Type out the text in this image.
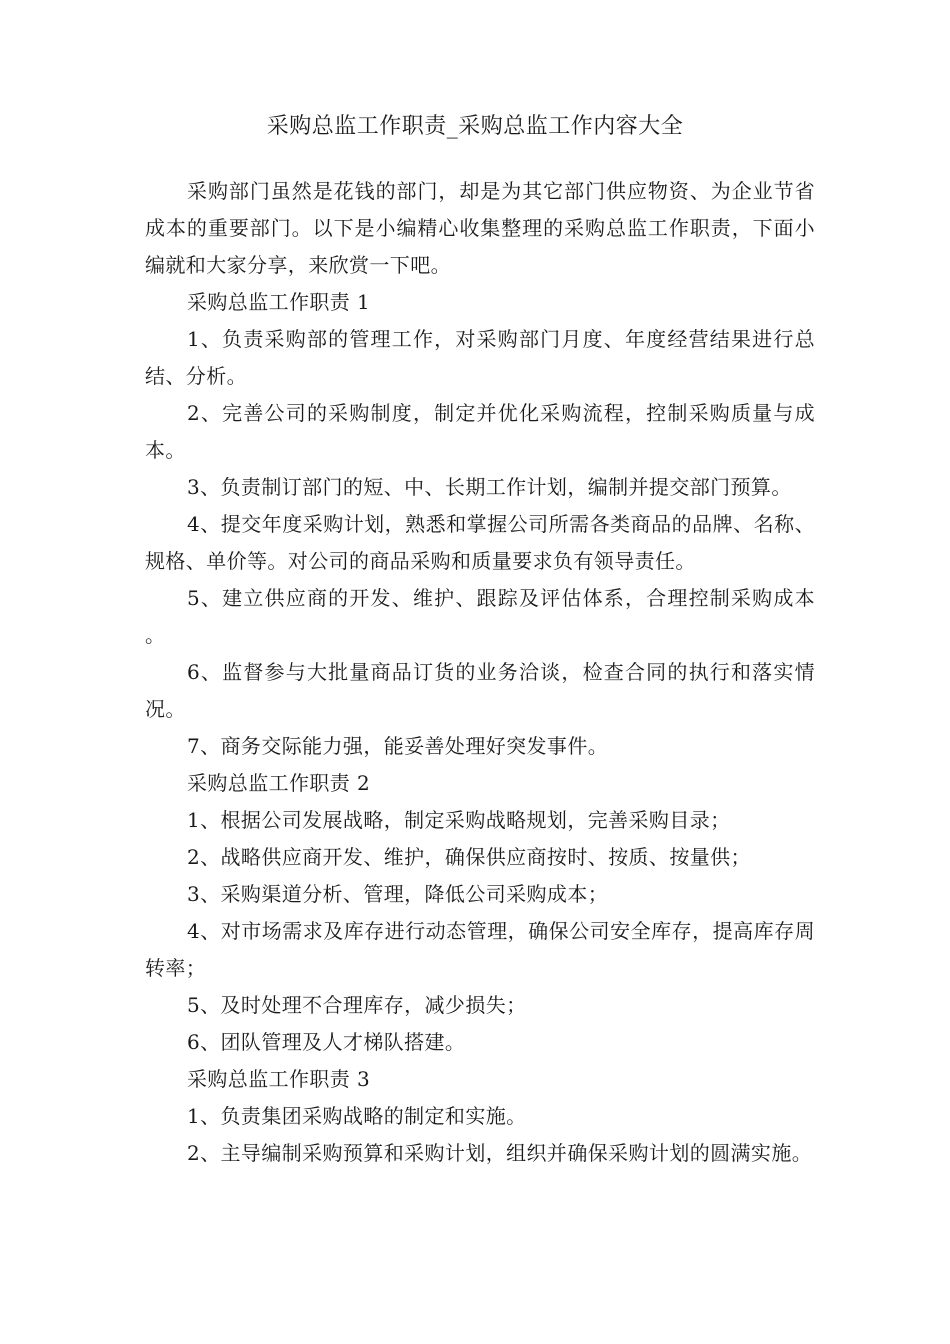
采购总监工作职责_采购总监工作内容大全

采购部门虽然是花钱的部门，却是为其它部门供应物资、为企业节省成本的重要部门。以下是小编精心收集整理的采购总监工作职责，下面小编就和大家分享，来欣赏一下吧。

采购总监工作职责 1

1、负责采购部的管理工作，对采购部门月度、年度经营结果进行总结、分析。

2、完善公司的采购制度，制定并优化采购流程，控制采购质量与成本。

3、负责制订部门的短、中、长期工作计划，编制并提交部门预算。

4、提交年度采购计划，熟悉和掌握公司所需各类商品的品牌、名称、规格、单价等。对公司的商品采购和质量要求负有领导责任。

5、建立供应商的开发、维护、跟踪及评估体系，合理控制采购成本 。

6、监督参与大批量商品订货的业务洽谈，检查合同的执行和落实情况。

7、商务交际能力强，能妥善处理好突发事件。

采购总监工作职责 2

1、根据公司发展战略，制定采购战略规划，完善采购目录；

2、战略供应商开发、维护，确保供应商按时、按质、按量供；

3、采购渠道分析、管理，降低公司采购成本；

4、对市场需求及库存进行动态管理，确保公司安全库存，提高库存周转率；

5、及时处理不合理库存，减少损失；

6、团队管理及人才梯队搭建。

采购总监工作职责 3

1、负责集团采购战略的制定和实施。

2、主导编制采购预算和采购计划，组织并确保采购计划的圆满实施。
